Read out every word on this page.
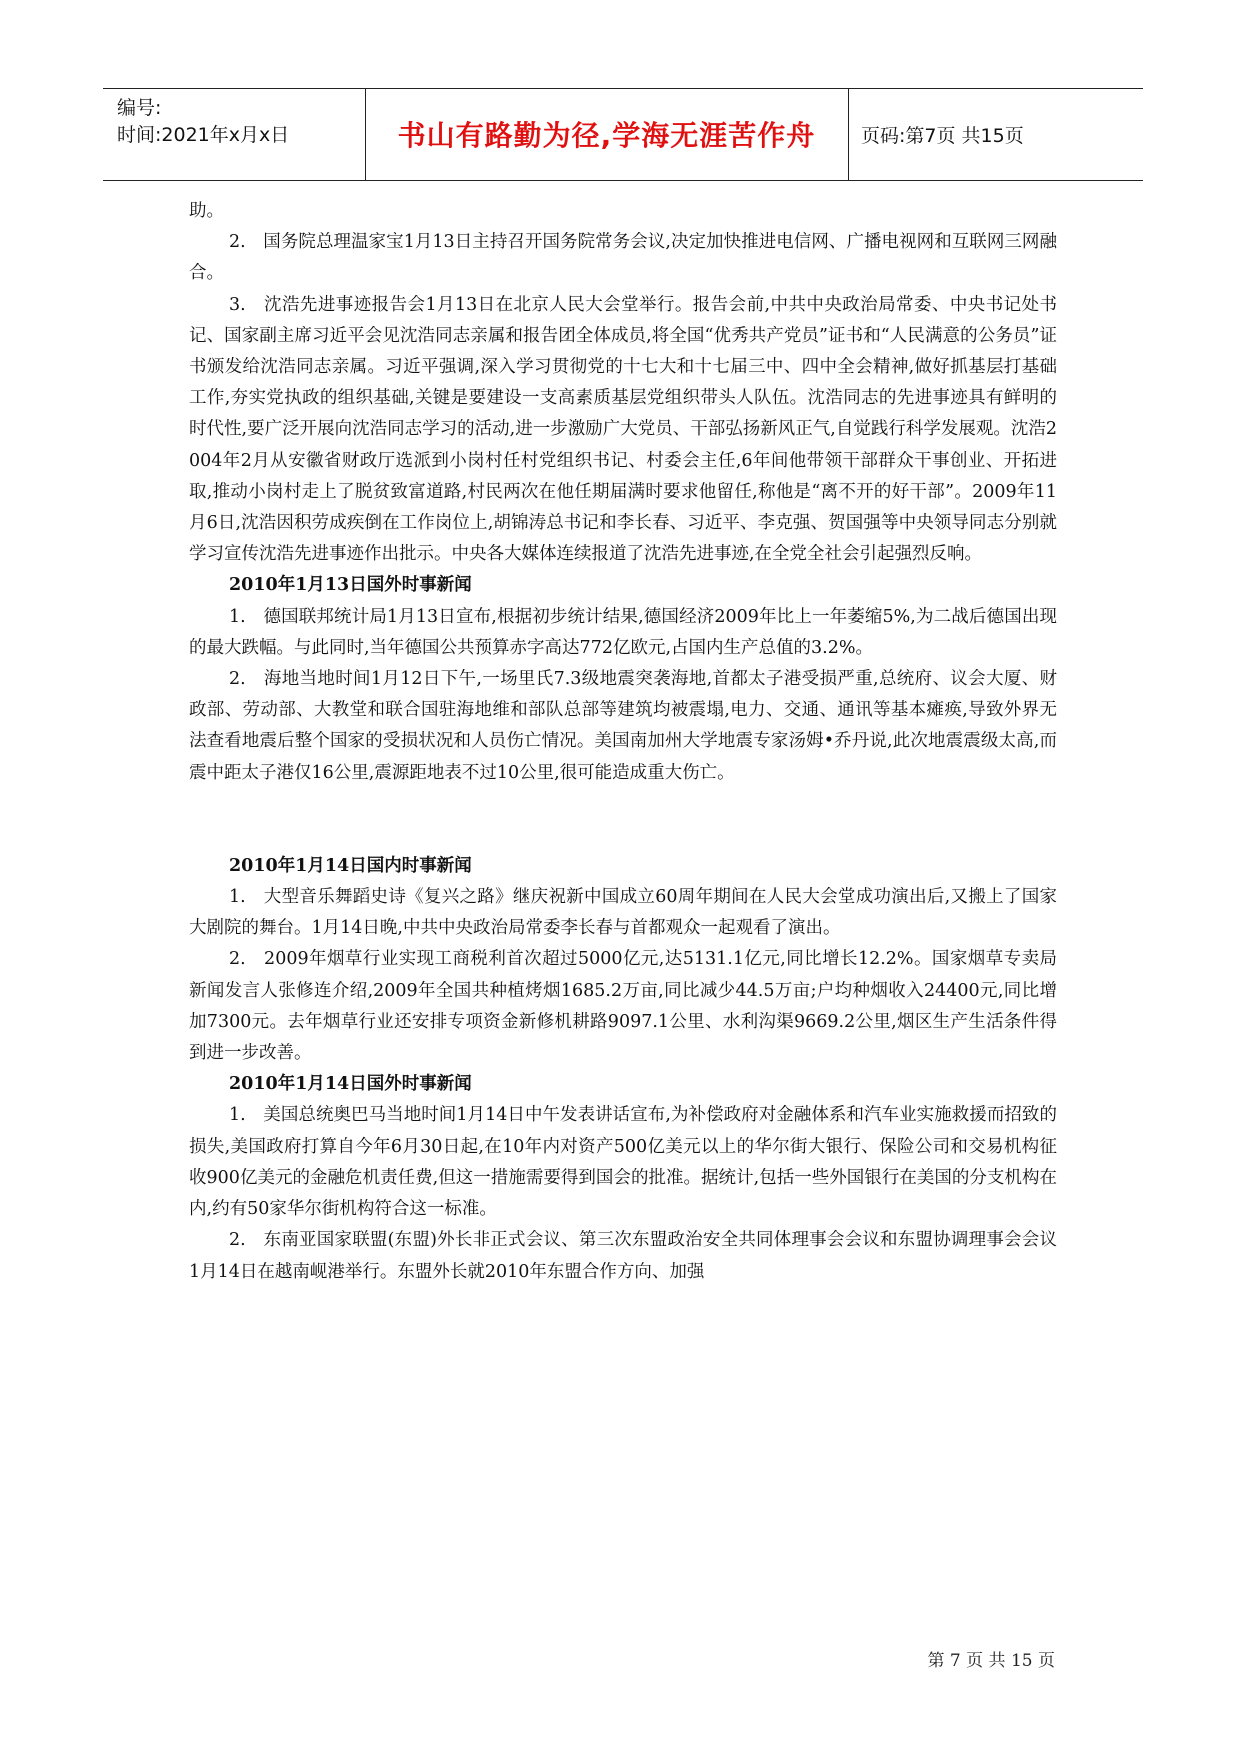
编号:
时间:2021年x月x日	书山有路勤为径,学海无涯苦作舟	页码:第7页 共15页

助。

2.　国务院总理温家宝1月13日主持召开国务院常务会议,决定加快推进电信网、广播电视网和互联网三网融合。

3.　沈浩先进事迹报告会1月13日在北京人民大会堂举行。报告会前,中共中央政治局常委、中央书记处书记、国家副主席习近平会见沈浩同志亲属和报告团全体成员,将全国“优秀共产党员”证书和“人民满意的公务员”证书颁发给沈浩同志亲属。习近平强调,深入学习贯彻党的十七大和十七届三中、四中全会精神,做好抓基层打基础工作,夯实党执政的组织基础,关键是要建设一支高素质基层党组织带头人队伍。沈浩同志的先进事迹具有鲜明的时代性,要广泛开展向沈浩同志学习的活动,进一步激励广大党员、干部弘扬新风正气,自觉践行科学发展观。沈浩2004年2月从安徽省财政厅选派到小岗村任村党组织书记、村委会主任,6年间他带领干部群众干事创业、开拓进取,推动小岗村走上了脱贫致富道路,村民两次在他任期届满时要求他留任,称他是“离不开的好干部”。2009年11月6日,沈浩因积劳成疾倒在工作岗位上,胡锦涛总书记和李长春、习近平、李克强、贺国强等中央领导同志分别就学习宣传沈浩先进事迹作出批示。中央各大媒体连续报道了沈浩先进事迹,在全党全社会引起强烈反响。

2010年1月13日国外时事新闻

1.　德国联邦统计局1月13日宣布,根据初步统计结果,德国经济2009年比上一年萎缩5%,为二战后德国出现的最大跌幅。与此同时,当年德国公共预算赤字高达772亿欧元,占国内生产总值的3.2%。

2.　海地当地时间1月12日下午,一场里氏7.3级地震突袭海地,首都太子港受损严重,总统府、议会大厦、财政部、劳动部、大教堂和联合国驻海地维和部队总部等建筑均被震塌,电力、交通、通讯等基本瘫痪,导致外界无法查看地震后整个国家的受损状况和人员伤亡情况。美国南加州大学地震专家汤姆•乔丹说,此次地震震级太高,而震中距太子港仅16公里,震源距地表不过10公里,很可能造成重大伤亡。

2010年1月14日国内时事新闻

1.　大型音乐舞蹈史诗《复兴之路》继庆祝新中国成立60周年期间在人民大会堂成功演出后,又搬上了国家大剧院的舞台。1月14日晚,中共中央政治局常委李长春与首都观众一起观看了演出。

2.　2009年烟草行业实现工商税利首次超过5000亿元,达5131.1亿元,同比增长12.2%。国家烟草专卖局新闻发言人张修连介绍,2009年全国共种植烤烟1685.2万亩,同比减少44.5万亩;户均种烟收入24400元,同比增加7300元。去年烟草行业还安排专项资金新修机耕路9097.1公里、水利沟渠9669.2公里,烟区生产生活条件得到进一步改善。

2010年1月14日国外时事新闻

1.　美国总统奥巴马当地时间1月14日中午发表讲话宣布,为补偿政府对金融体系和汽车业实施救援而招致的损失,美国政府打算自今年6月30日起,在10年内对资产500亿美元以上的华尔街大银行、保险公司和交易机构征收900亿美元的金融危机责任费,但这一措施需要得到国会的批准。据统计,包括一些外国银行在美国的分支机构在内,约有50家华尔街机构符合这一标准。

2.　东南亚国家联盟(东盟)外长非正式会议、第三次东盟政治安全共同体理事会会议和东盟协调理事会会议1月14日在越南岘港举行。东盟外长就2010年东盟合作方向、加强

第 7 页 共 15 页
